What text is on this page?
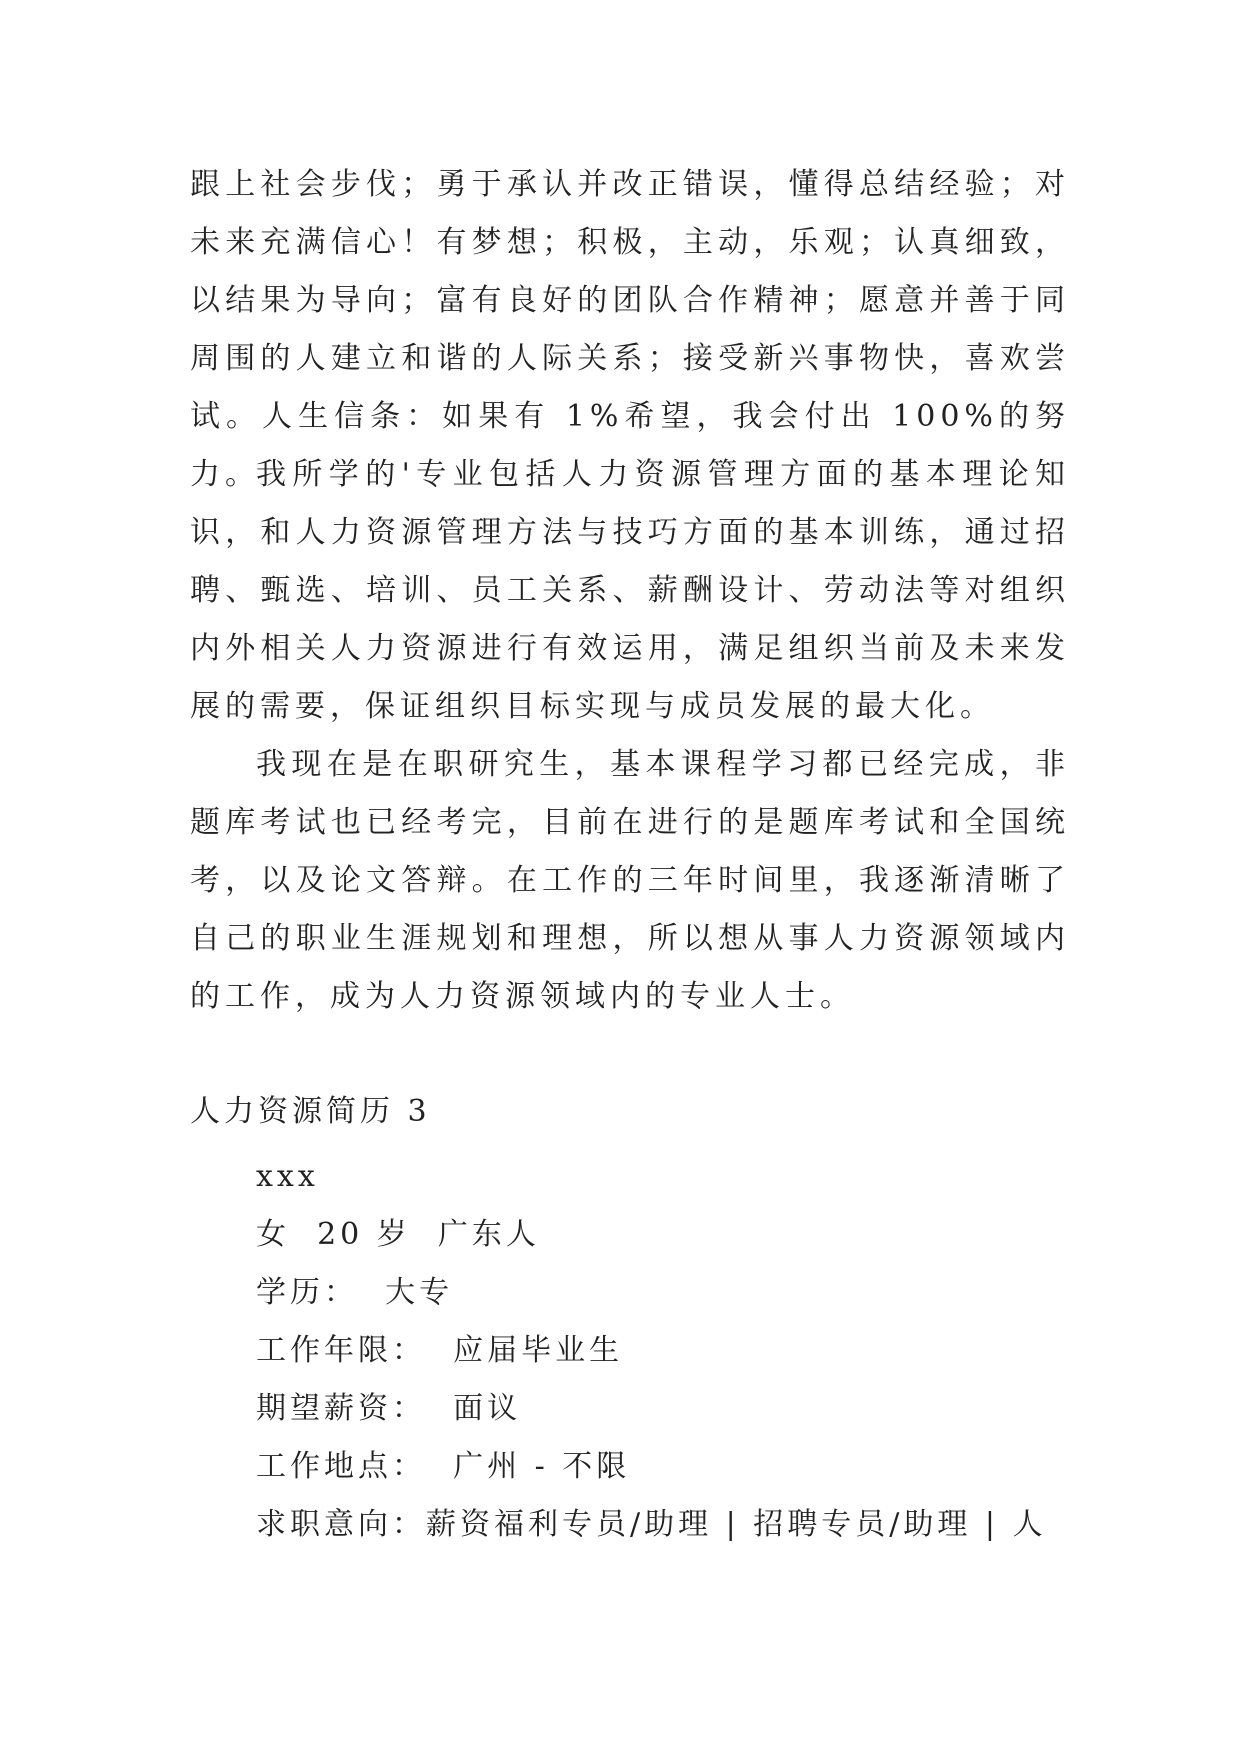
跟上社会步伐；勇于承认并改正错误，懂得总结经验；对未来充满信心！有梦想；积极，主动，乐观；认真细致，以结果为导向；富有良好的团队合作精神；愿意并善于同周围的人建立和谐的人际关系；接受新兴事物快，喜欢尝试。人生信条：如果有 1%希望，我会付出 100%的努力。

我所学的'专业包括人力资源管理方面的基本理论知识，和人力资源管理方法与技巧方面的基本训练，通过招聘、甄选、培训、员工关系、薪酬设计、劳动法等对组织内外相关人力资源进行有效运用，满足组织当前及未来发展的需要，保证组织目标实现与成员发展的最大化。

我现在是在职研究生，基本课程学习都已经完成，非题库考试也已经考完，目前在进行的是题库考试和全国统考，以及论文答辩。在工作的三年时间里，我逐渐清晰了自己的职业生涯规划和理想，所以想从事人力资源领域内的工作，成为人力资源领域内的专业人士。

人力资源简历 3
xxx
女  20 岁  广东人
学历：  大专
工作年限：  应届毕业生
期望薪资：  面议
工作地点：  广州 - 不限
求职意向：薪资福利专员/助理 | 招聘专员/助理 | 人
